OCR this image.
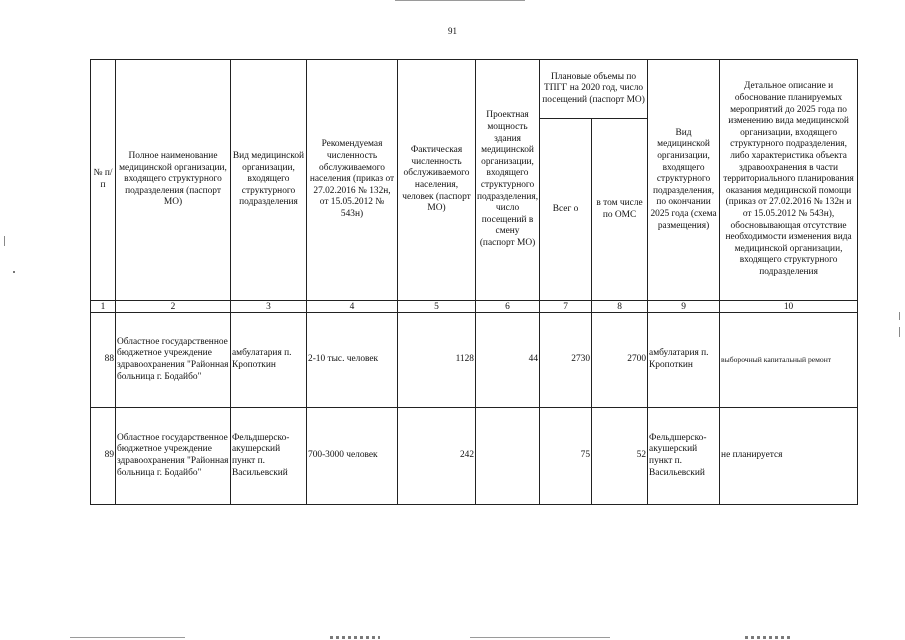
91
№ п/п	Полное наименование медицинской организации, входящего структурного подразделения (паспорт МО)	Вид медицинской организации, входящего структурного подразделения	Рекомендуемая численность обслуживаемого населения (приказ от 27.02.2016 № 132н, от 15.05.2012 № 543н)	Фактическая численность обслуживаемого населения, человек (паспорт МО)	Проектная мощность здания медицинской организации, входящего структурного подразделения, число посещений в смену (паспорт МО)	Плановые объемы по ТПГГ на 2020 год, число посещений (паспорт МО)		Вид медицинской организации, входящего структурного подразделения, по окончании 2025 года (схема размещения)	Детальное описание и обоснование планируемых мероприятий до 2025 года по изменению вида медицинской организации, входящего структурного подразделения, либо характеристика объекта здравоохранения в части территориального планирования оказания медицинской помощи (приказ от 27.02.2016 № 132н и от 15.05.2012 № 543н), обосновывающая отсутствие необходимости изменения вида медицинской организации, входящего структурного подразделения
						Всег о	в том числе по ОМС		
1	2	3	4	5	6	7	8	9	10
88	Областное государственное бюджетное учреждение здравоохранения "Районная больница г. Бодайбо"	амбулатария п. Кропоткин	2-10 тыс. человек	1128	44	2730	2700	амбулатария п. Кропоткин	выборочный капитальный ремонт
89	Областное государственное бюджетное учреждение здравоохранения "Районная больница г. Бодайбо"	Фельдшерско-акушерский пункт п. Васильевский	700-3000 человек	242		75	52	Фельдшерско-акушерский пункт п. Васильевский	не планируется
